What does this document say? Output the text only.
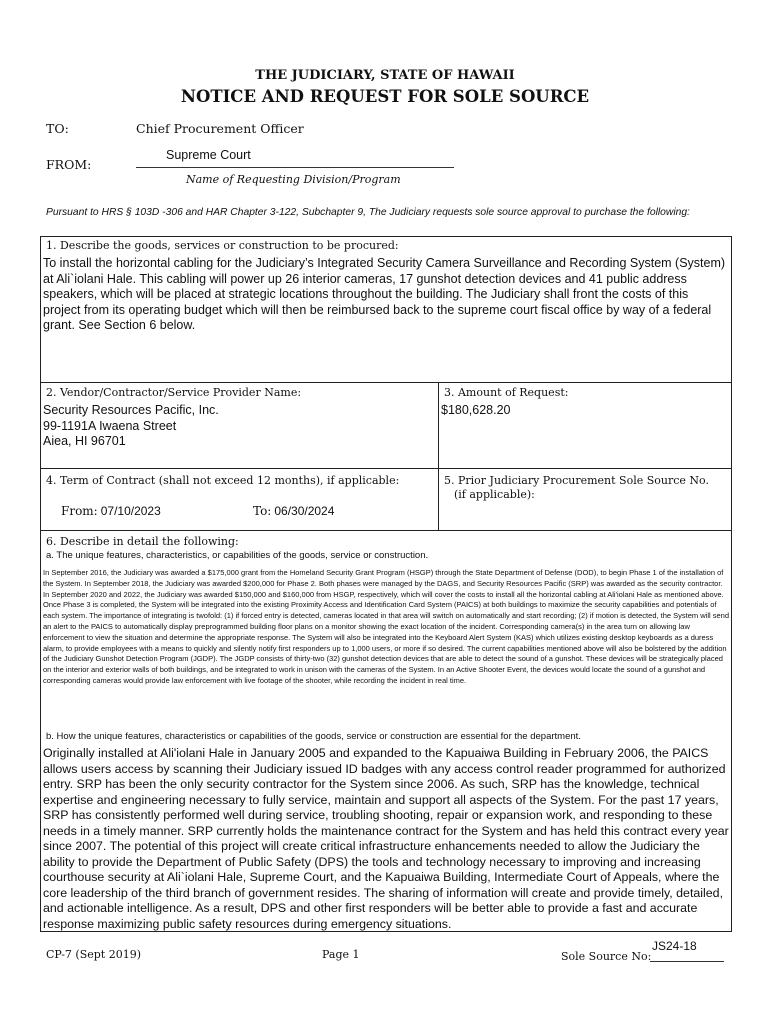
THE JUDICIARY, STATE OF HAWAII
NOTICE AND REQUEST FOR SOLE SOURCE
TO:	Chief Procurement Officer
FROM:
Supreme Court
Name of Requesting Division/Program
Pursuant to HRS § 103D -306 and HAR Chapter 3-122, Subchapter 9, The Judiciary requests sole source approval to purchase the following:
1. Describe the goods, services or construction to be procured:
To install the horizontal cabling for the Judiciary’s Integrated Security Camera Surveillance and Recording System (System) at Ali`iolani Hale. This cabling will power up 26 interior cameras, 17 gunshot detection devices and 41 public address speakers, which will be placed at strategic locations throughout the building. The Judiciary shall front the costs of this project from its operating budget which will then be reimbursed back to the supreme court fiscal office by way of a federal grant. See Section 6 below.
2. Vendor/Contractor/Service Provider Name:
Security Resources Pacific, Inc.
99-1191A Iwaena Street
Aiea, HI 96701
3. Amount of Request:
$180,628.20
4. Term of Contract (shall not exceed 12 months), if applicable:
From: 07/10/2023	To: 06/30/2024
5. Prior Judiciary Procurement Sole Source No.
(if applicable):
6. Describe in detail the following:
a. The unique features, characteristics, or capabilities of the goods, service or construction.
In September 2016, the Judiciary was awarded a $175,000 grant from the Homeland Security Grant Program (HSGP) through the State Department of Defense (DOD), to begin Phase 1 of the installation of the System. In September 2018, the Judiciary was awarded $200,000 for Phase 2. Both phases were managed by the DAGS, and Security Resources Pacific (SRP) was awarded as the security contractor. In September 2020 and 2022, the Judiciary was awarded $150,000 and $160,000 from HSGP, respectively, which will cover the costs to install all the horizontal cabling at Ali'iolani Hale as mentioned above. Once Phase 3 is completed, the System will be integrated into the existing Proximity Access and Identification Card System (PAICS) at both buildings to maximize the security capabilities and potentials of each system. The importance of integrating is twofold: (1) if forced entry is detected, cameras located in that area will switch on automatically and start recording; (2) if motion is detected, the System will send an alert to the PAICS to automatically display preprogrammed building floor plans on a monitor showing the exact location of the incident. Corresponding camera(s) in the area turn on allowing law enforcement to view the situation and determine the appropriate response. The System will also be integrated into the Keyboard Alert System (KAS) which utilizes existing desktop keyboards as a duress alarm, to provide employees with a means to quickly and silently notify first responders up to 1,000 users, or more if so desired. The current capabilities mentioned above will also be bolstered by the addition of the Judiciary Gunshot Detection Program (JGDP). The JGDP consists of thirty-two (32) gunshot detection devices that are able to detect the sound of a gunshot. These devices will be strategically placed on the interior and exterior walls of both buildings, and be integrated to work in unison with the cameras of the System. In an Active Shooter Event, the devices would locate the sound of a gunshot and corresponding cameras would provide law enforcement with live footage of the shooter, while recording the incident in real time.
b. How the unique features, characteristics or capabilities of the goods, service or construction are essential for the department.
Originally installed at Ali'iolani Hale in January 2005 and expanded to the Kapuaiwa Building in February 2006, the PAICS allows users access by scanning their Judiciary issued ID badges with any access control reader programmed for authorized entry. SRP has been the only security contractor for the System since 2006. As such, SRP has the knowledge, technical expertise and engineering necessary to fully service, maintain and support all aspects of the System. For the past 17 years, SRP has consistently performed well during service, troubling shooting, repair or expansion work, and responding to these needs in a timely manner. SRP currently holds the maintenance contract for the System and has held this contract every year since 2007. The potential of this project will create critical infrastructure enhancements needed to allow the Judiciary the ability to provide the Department of Public Safety (DPS) the tools and technology necessary to improving and increasing courthouse security at Ali`iolani Hale, Supreme Court, and the Kapuaiwa Building, Intermediate Court of Appeals, where the core leadership of the third branch of government resides. The sharing of information will create and provide timely, detailed, and actionable intelligence. As a result, DPS and other first responders will be better able to provide a fast and accurate response maximizing public safety resources during emergency situations.
CP-7 (Sept 2019)	Page 1	Sole Source No:
JS24-18
